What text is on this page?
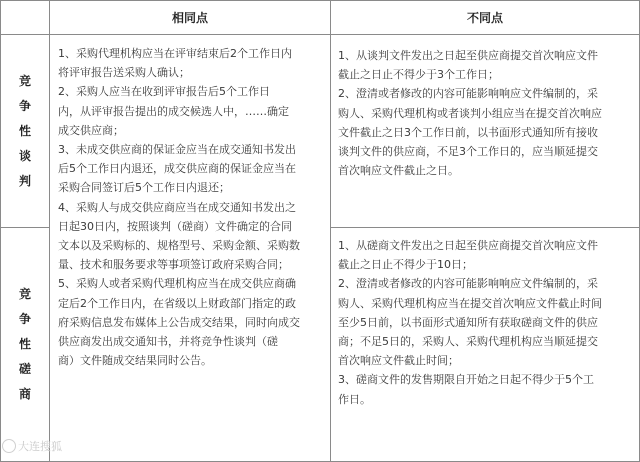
相同点	不同点
竞
争
性
谈
判
竞
争
性
磋
商
1、采购代理机构应当在评审结束后2个工作日内
将评审报告送采购人确认；
2、采购人应当在收到评审报告后5个工作日
内，从评审报告提出的成交候选人中，……确定
成交供应商；
3、未成交供应商的保证金应当在成交通知书发出
后5个工作日内退还，成交供应商的保证金应当在
采购合同签订后5个工作日内退还；
4、采购人与成交供应商应当在成交通知书发出之
日起30日内，按照谈判（磋商）文件确定的合同
文本以及采购标的、规格型号、采购金额、采购数
量、技术和服务要求等事项签订政府采购合同；
5、采购人或者采购代理机构应当在成交供应商确
定后2个工作日内，在省级以上财政部门指定的政
府采购信息发布媒体上公告成交结果，同时向成交
供应商发出成交通知书，并将竞争性谈判（磋
商）文件随成交结果同时公告。
1、从谈判文件发出之日起至供应商提交首次响应文件
截止之日止不得少于3个工作日；
2、澄清或者修改的内容可能影响响应文件编制的，采
购人、采购代理机构或者谈判小组应当在提交首次响应
文件截止之日3个工作日前，以书面形式通知所有接收
谈判文件的供应商，不足3个工作日的，应当顺延提交
首次响应文件截止之日。
1、从磋商文件发出之日起至供应商提交首次响应文件
截止之日止不得少于10日；
2、澄清或者修改的内容可能影响响应文件编制的，采
购人、采购代理机构应当在提交首次响应文件截止时间
至少5日前，以书面形式通知所有获取磋商文件的供应
商；不足5日的，采购人、采购代理机构应当顺延提交
首次响应文件截止时间；
3、磋商文件的发售期限自开始之日起不得少于5个工
作日。
大连搜狐
